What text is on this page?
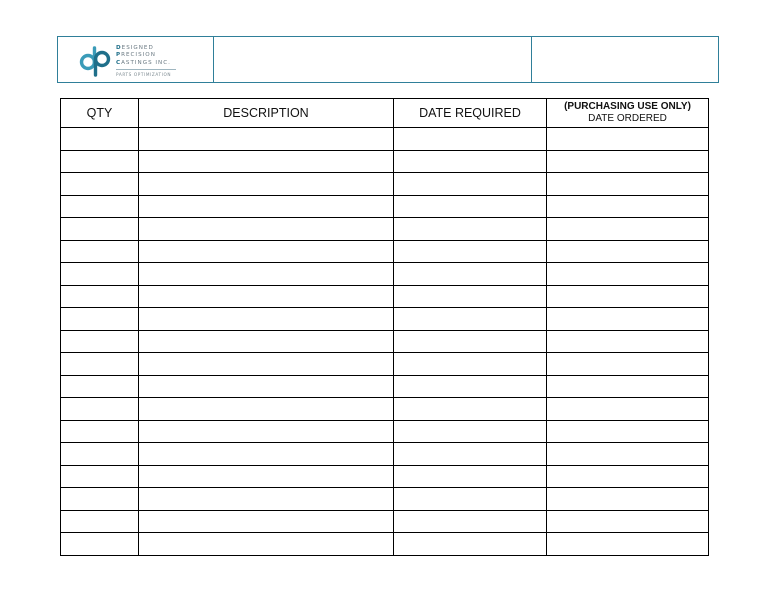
DESIGNED
PRECISION
CASTINGS INC.
PARTS OPTIMIZATION
QTY	DESCRIPTION	DATE REQUIRED	(PURCHASING USE ONLY)
DATE ORDERED
